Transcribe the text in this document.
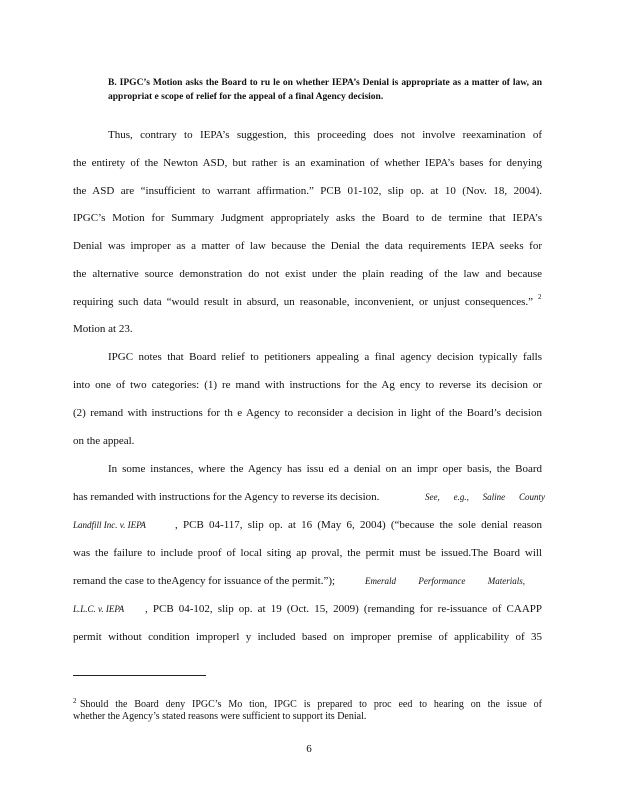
B. IPGC’s Motion asks the Board to ru le on whether IEPA’s Denial is appropriate as a matter of law, an appropriat e scope of relief for the appeal of a final Agency decision.
Thus, contrary to IEPA’s suggestion, this proceeding does not involve reexamination of
the entirety of the Newton ASD, but rather is an examination of whether IEPA’s bases for denying
the ASD are “insufficient to warrant affirmation.” PCB 01-102, slip op. at 10 (Nov. 18, 2004).
IPGC’s Motion for Summary Judgment appropriately asks the Board to de termine that IEPA’s
Denial was improper as a matter of law because the Denial the data requirements IEPA seeks for
the alternative source demonstration do not exist under the plain reading of the law and because
requiring such data “would result in absurd, un reasonable, inconvenient, or unjust consequences.” 2
Motion at 23.
IPGC notes that Board relief to petitioners appealing a final agency decision typically falls
into one of two categories: (1) re mand with instructions for the Ag ency to reverse its decision or
(2) remand with instructions for th e Agency to reconsider a decision in light of the Board’s decision
on the appeal.
In some instances, where the Agency has issu ed a denial on an impr oper basis, the Board
has remanded with instructions for the Agency to reverse its decision.	See, e.g., Saline County
Landfill Inc. v. IEPA	, PCB 04-117, slip op. at 16 (May 6, 2004) (“because the sole denial reason
was the failure to include proof of local siting ap proval, the permit must be issued.The Board will
remand the case to theAgency for issuance of the permit.”);	Emerald Performance Materials,
L.L.C. v. IEPA	, PCB 04-102, slip op. at 19 (Oct. 15, 2009) (remanding for re-issuance of CAAPP
permit without condition improperl y included based on improper premise of applicability of 35
2 Should the Board deny IPGC’s Mo tion, IPGC is prepared to proc eed to hearing on the issue of
whether the Agency’s stated reasons were sufficient to support its Denial.
6
